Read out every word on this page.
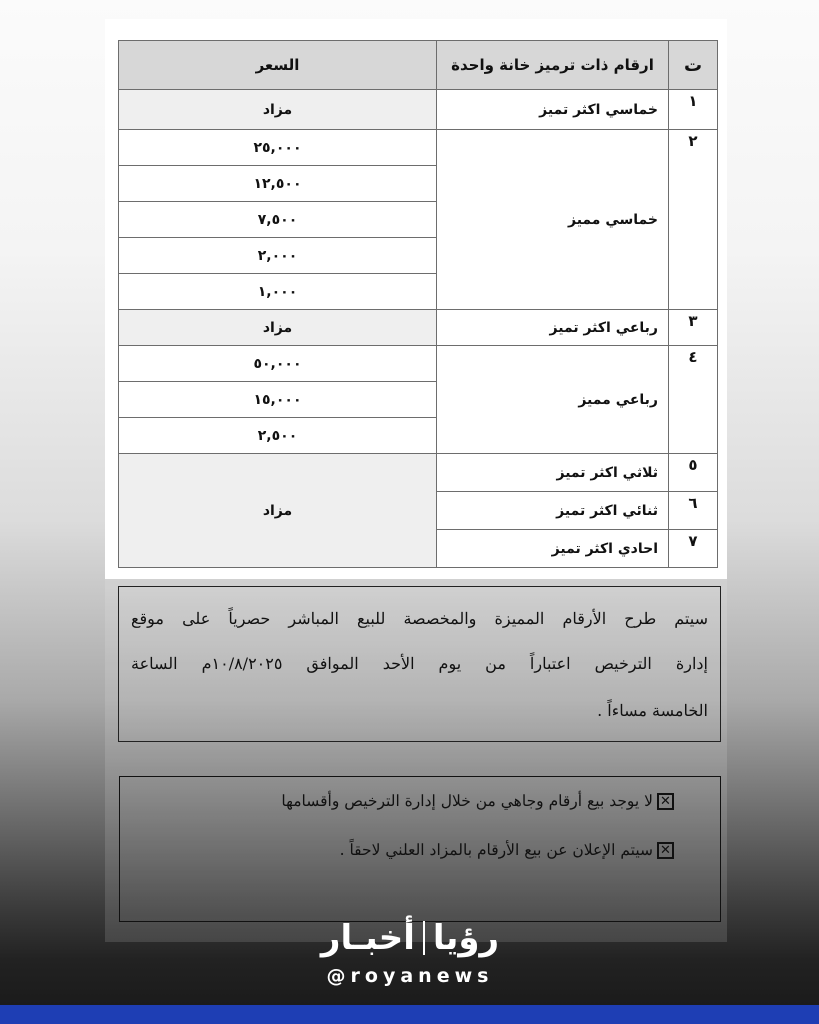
ت	ارقام ذات ترميز خانة واحدة	السعر
١	خماسي اكثر تميز	مزاد
٢	خماسي مميز	٢٥,٠٠٠
		١٢,٥٠٠
		٧,٥٠٠
		٢,٠٠٠
		١,٠٠٠
٣	رباعي اكثر تميز	مزاد
٤	رباعي مميز	٥٠,٠٠٠
		١٥,٠٠٠
		٢,٥٠٠
٥	ثلاثي اكثر تميز	مزاد
٦	ثنائي اكثر تميز	
٧	احادي اكثر تميز	

سيتم طرح الأرقام المميزة والمخصصة للبيع المباشر حصرياً على موقع

إدارة الترخيص اعتباراً من يوم الأحد الموافق ١٠/٨/٢٠٢٥م الساعة

الخامسة مساءاً .

✕
لا يوجد بيع أرقام وجاهي من خلال إدارة الترخيص وأقسامها
✕
سيتم الإعلان عن بيع الأرقام بالمزاد العلني لاحقاً .
رؤيا
أخبـار
@royanews
